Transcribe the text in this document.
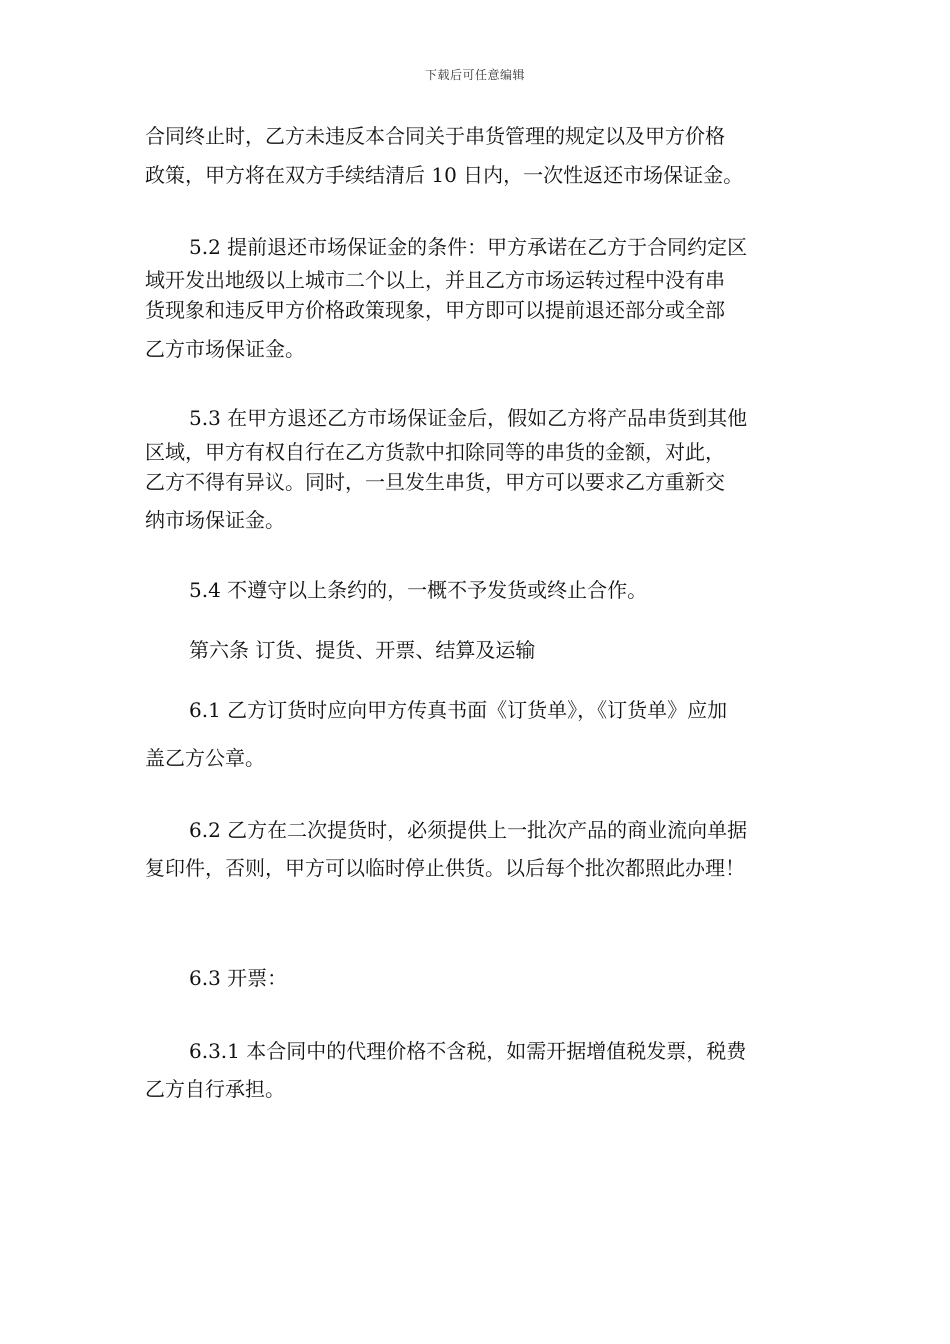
下载后可任意编辑
合同终止时，乙方未违反本合同关于串货管理的规定以及甲方价格
政策，甲方将在双方手续结清后 10 日内，一次性返还市场保证金。
5.2 提前退还市场保证金的条件：甲方承诺在乙方于合同约定区
域开发出地级以上城市二个以上，并且乙方市场运转过程中没有串
货现象和违反甲方价格政策现象，甲方即可以提前退还部分或全部
乙方市场保证金。
5.3 在甲方退还乙方市场保证金后，假如乙方将产品串货到其他
区域，甲方有权自行在乙方货款中扣除同等的串货的金额，对此，
乙方不得有异议。同时，一旦发生串货，甲方可以要求乙方重新交
纳市场保证金。
5.4 不遵守以上条约的，一概不予发货或终止合作。
第六条 订货、提货、开票、结算及运输
6.1 乙方订货时应向甲方传真书面《订货单》，《订货单》应加
盖乙方公章。
6.2 乙方在二次提货时，必须提供上一批次产品的商业流向单据
复印件，否则，甲方可以临时停止供货。以后每个批次都照此办理！
6.3 开票：
6.3.1 本合同中的代理价格不含税，如需开据增值税发票，税费
乙方自行承担。
